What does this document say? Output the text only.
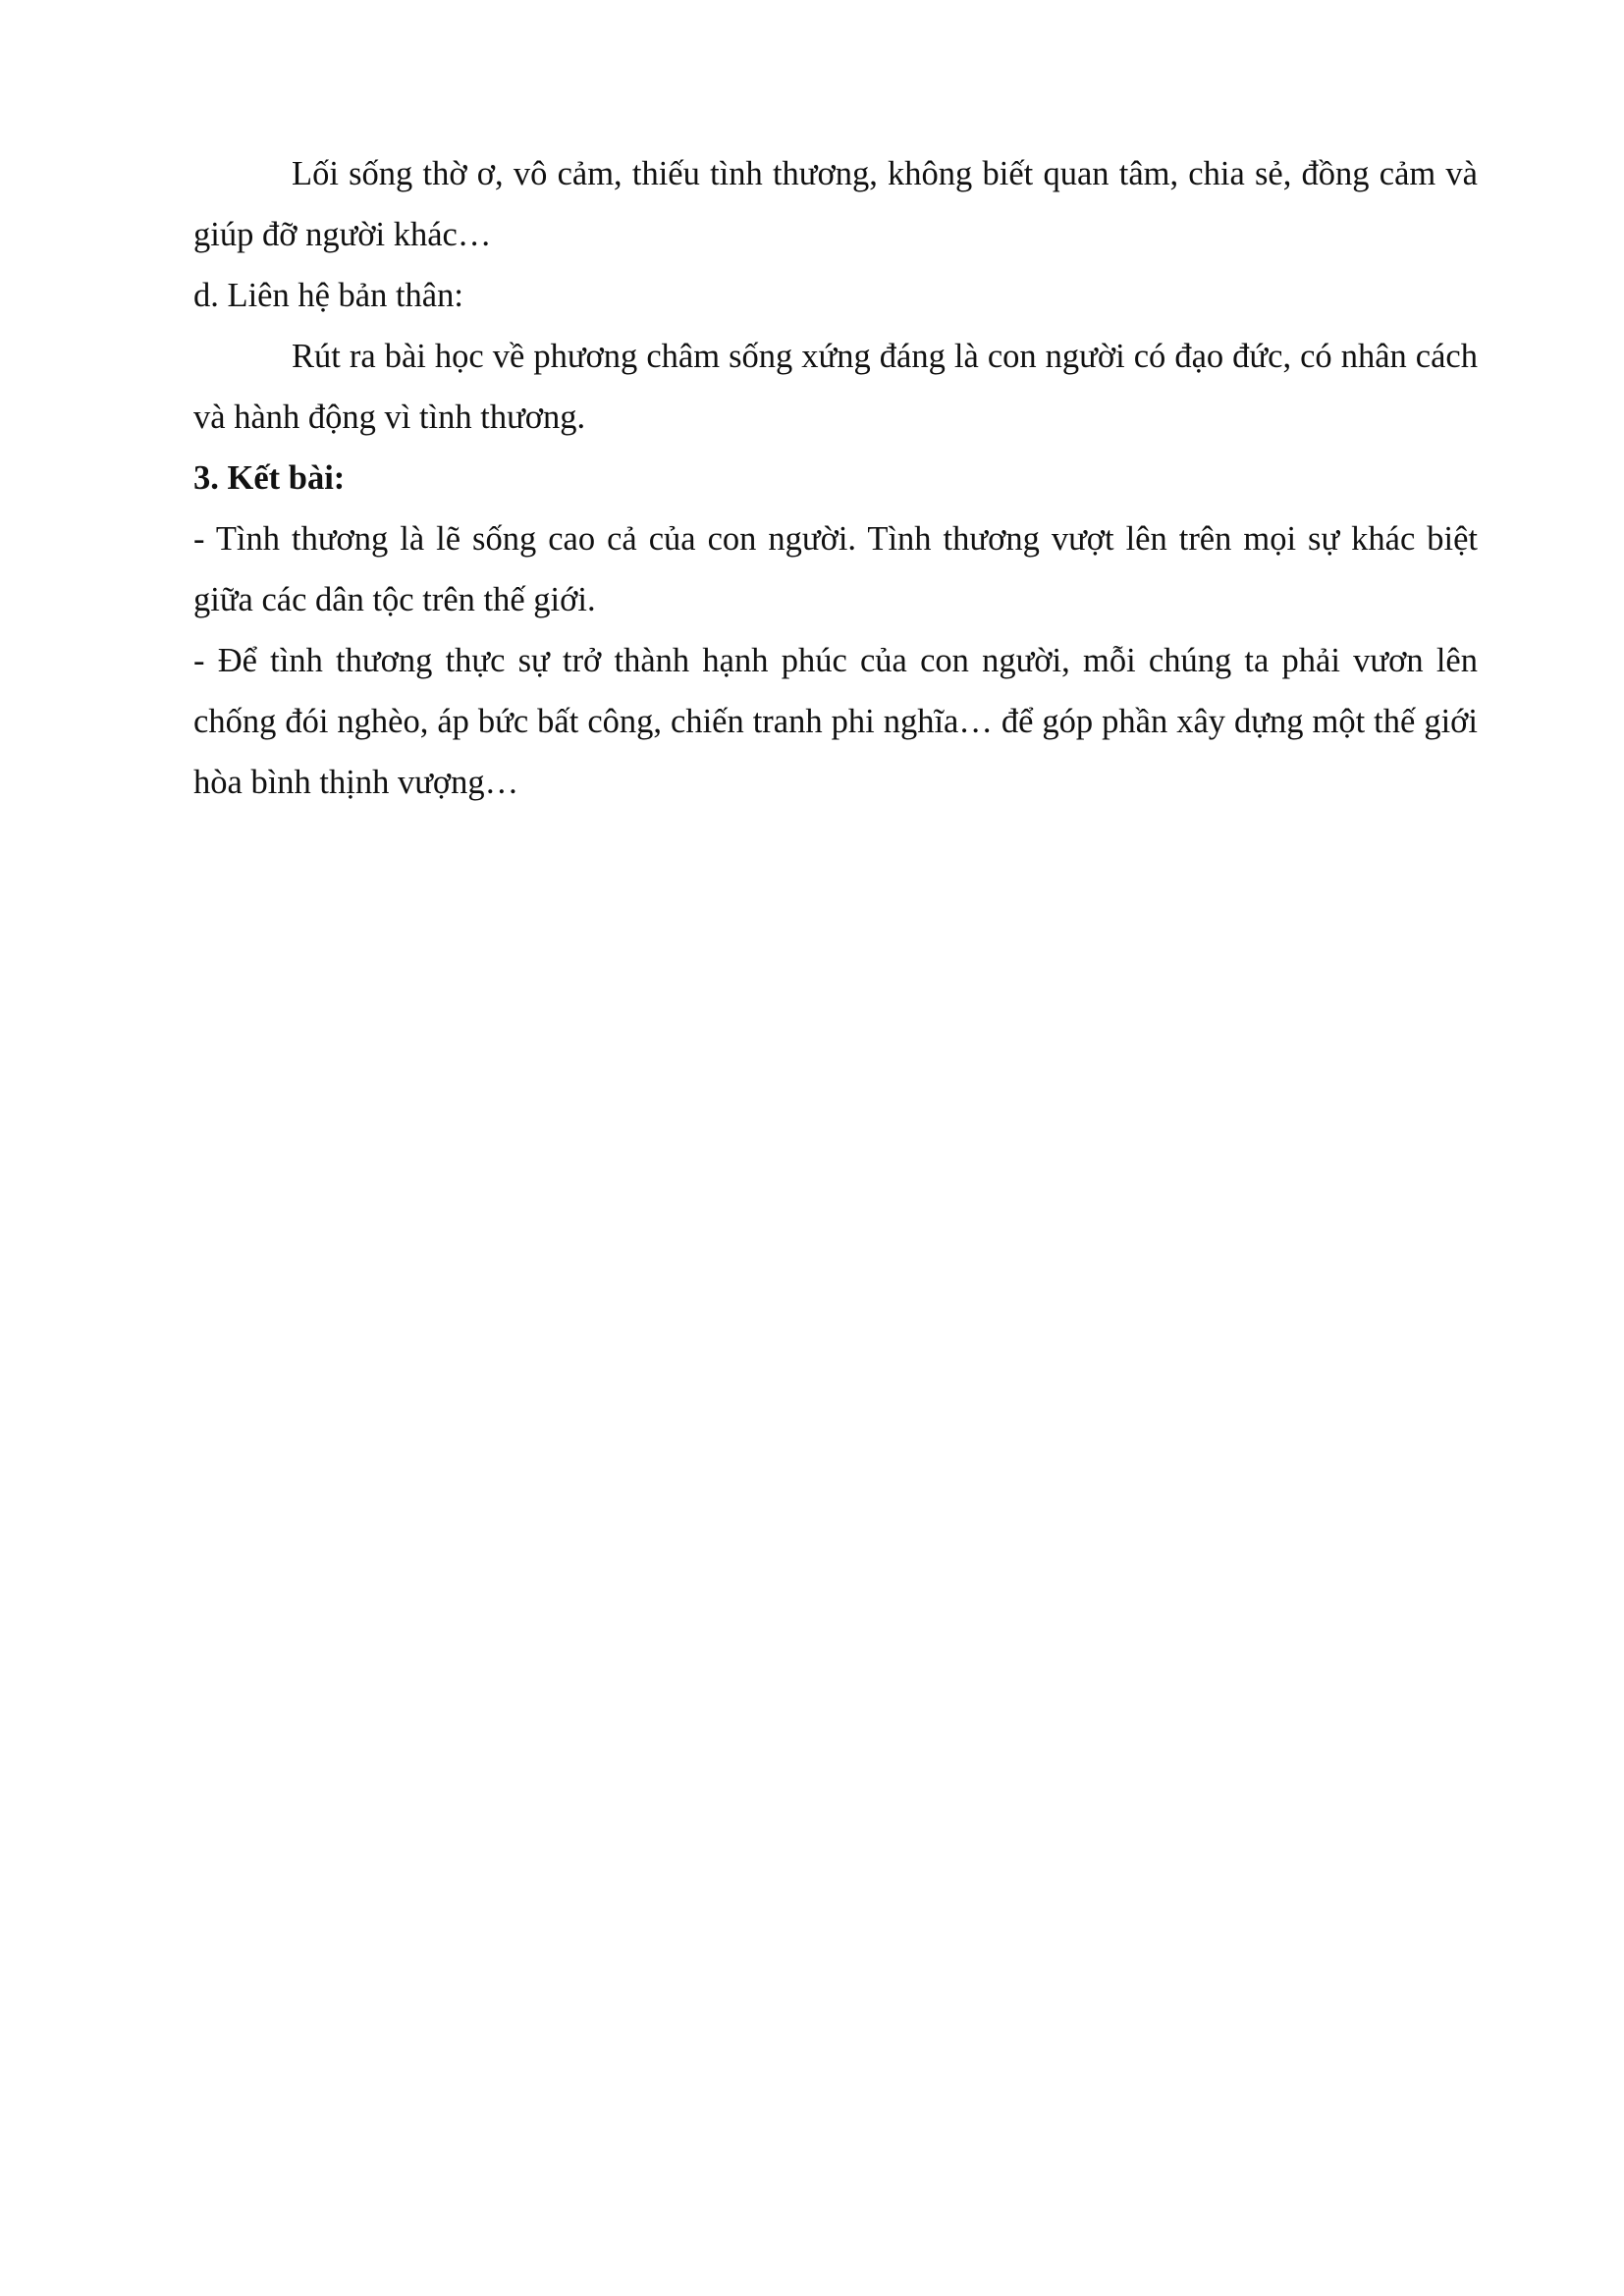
Lối sống thờ ơ, vô cảm, thiếu tình thương, không biết quan tâm, chia sẻ, đồng cảm và giúp đỡ người khác…

d. Liên hệ bản thân:

Rút ra bài học về phương châm sống xứng đáng là con người có đạo đức, có nhân cách và hành động vì tình thương.

3. Kết bài:

- Tình thương là lẽ sống cao cả của con người. Tình thương vượt lên trên mọi sự khác biệt giữa các dân tộc trên thế giới.

- Để tình thương thực sự trở thành hạnh phúc của con người, mỗi chúng ta phải vươn lên chống đói nghèo, áp bức bất công, chiến tranh phi nghĩa… để góp phần xây dựng một thế giới hòa bình thịnh vượng…
